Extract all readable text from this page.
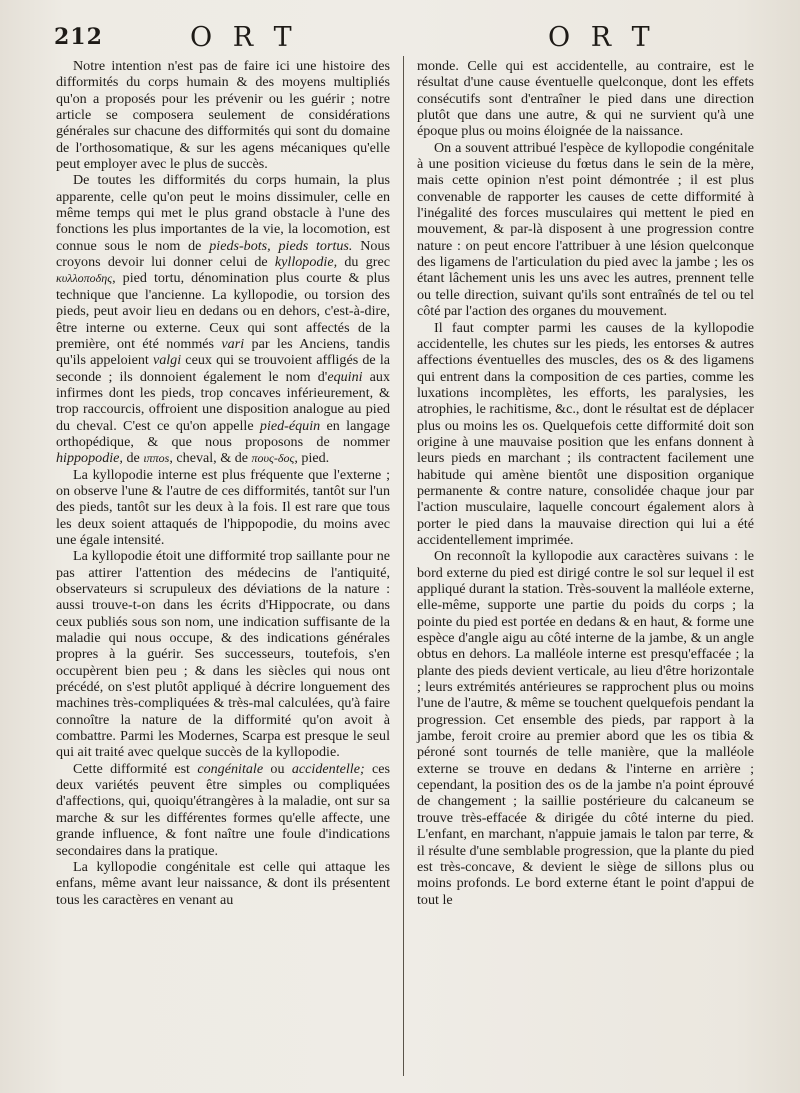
212	O R T	O R T

Notre intention n'est pas de faire ici une histoire des difformités du corps humain & des moyens multipliés qu'on a proposés pour les prévenir ou les guérir ; notre article se composera seulement de considérations générales sur chacune des difformités qui sont du domaine de l'orthosomatique, & sur les agens mécaniques qu'elle peut employer avec le plus de succès.

De toutes les difformités du corps humain, la plus apparente, celle qu'on peut le moins dissimuler, celle en même temps qui met le plus grand obstacle à l'une des fonctions les plus importantes de la vie, la locomotion, est connue sous le nom de pieds-bots, pieds tortus. Nous croyons devoir lui donner celui de kyllopodie, du grec κυλλοποδης, pied tortu, dénomination plus courte & plus technique que l'ancienne. La kyllopodie, ou torsion des pieds, peut avoir lieu en dedans ou en dehors, c'est-à-dire, être interne ou externe. Ceux qui sont affectés de la première, ont été nommés vari par les Anciens, tandis qu'ils appeloient valgi ceux qui se trouvoient affligés de la seconde ; ils donnoient également le nom d'equini aux infirmes dont les pieds, trop concaves inférieurement, & trop raccourcis, offroient une disposition analogue au pied du cheval. C'est ce qu'on appelle pied-équin en langage orthopédique, & que nous proposons de nommer hippopodie, de ιπποs, cheval, & de πους-δος, pied.

La kyllopodie interne est plus fréquente que l'externe ; on observe l'une & l'autre de ces difformités, tantôt sur l'un des pieds, tantôt sur les deux à la fois. Il est rare que tous les deux soient attaqués de l'hippopodie, du moins avec une égale intensité.

La kyllopodie étoit une difformité trop saillante pour ne pas attirer l'attention des médecins de l'antiquité, observateurs si scrupuleux des déviations de la nature : aussi trouve-t-on dans les écrits d'Hippocrate, ou dans ceux publiés sous son nom, une indication suffisante de la maladie qui nous occupe, & des indications générales propres à la guérir. Ses successeurs, toutefois, s'en occupèrent bien peu ; & dans les siècles qui nous ont précédé, on s'est plutôt appliqué à décrire longuement des machines très-compliquées & très-mal calculées, qu'à faire connoître la nature de la difformité qu'on avoit à combattre. Parmi les Modernes, Scarpa est presque le seul qui ait traité avec quelque succès de la kyllopodie.

Cette difformité est congénitale ou accidentelle; ces deux variétés peuvent être simples ou compliquées d'affections, qui, quoiqu'étrangères à la maladie, ont sur sa marche & sur les différentes formes qu'elle affecte, une grande influence, & font naître une foule d'indications secondaires dans la pratique.

La kyllopodie congénitale est celle qui attaque les enfans, même avant leur naissance, & dont ils présentent tous les caractères en venant au

monde. Celle qui est accidentelle, au contraire, est le résultat d'une cause éventuelle quelconque, dont les effets consécutifs sont d'entraîner le pied dans une direction plutôt que dans une autre, & qui ne survient qu'à une époque plus ou moins éloignée de la naissance.

On a souvent attribué l'espèce de kyllopodie congénitale à une position vicieuse du fœtus dans le sein de la mère, mais cette opinion n'est point démontrée ; il est plus convenable de rapporter les causes de cette difformité à l'inégalité des forces musculaires qui mettent le pied en mouvement, & par-là disposent à une progression contre nature : on peut encore l'attribuer à une lésion quelconque des ligamens de l'articulation du pied avec la jambe ; les os étant lâchement unis les uns avec les autres, prennent telle ou telle direction, suivant qu'ils sont entraînés de tel ou tel côté par l'action des organes du mouvement.

Il faut compter parmi les causes de la kyllopodie accidentelle, les chutes sur les pieds, les entorses & autres affections éventuelles des muscles, des os & des ligamens qui entrent dans la composition de ces parties, comme les luxations incomplètes, les efforts, les paralysies, les atrophies, le rachitisme, &c., dont le résultat est de déplacer plus ou moins les os. Quelquefois cette difformité doit son origine à une mauvaise position que les enfans donnent à leurs pieds en marchant ; ils contractent facilement une habitude qui amène bientôt une disposition organique permanente & contre nature, consolidée chaque jour par l'action musculaire, laquelle concourt également alors à porter le pied dans la mauvaise direction qui lui a été accidentellement imprimée.

On reconnoît la kyllopodie aux caractères suivans : le bord externe du pied est dirigé contre le sol sur lequel il est appliqué durant la station. Très-souvent la malléole externe, elle-même, supporte une partie du poids du corps ; la pointe du pied est portée en dedans & en haut, & forme une espèce d'angle aigu au côté interne de la jambe, & un angle obtus en dehors. La malléole interne est presqu'effacée ; la plante des pieds devient verticale, au lieu d'être horizontale ; leurs extrémités antérieures se rapprochent plus ou moins l'une de l'autre, & même se touchent quelquefois pendant la progression. Cet ensemble des pieds, par rapport à la jambe, feroit croire au premier abord que les os tibia & péroné sont tournés de telle manière, que la malléole externe se trouve en dedans & l'interne en arrière ; cependant, la position des os de la jambe n'a point éprouvé de changement ; la saillie postérieure du calcaneum se trouve très-effacée & dirigée du côté interne du pied. L'enfant, en marchant, n'appuie jamais le talon par terre, & il résulte d'une semblable progression, que la plante du pied est très-concave, & devient le siège de sillons plus ou moins profonds. Le bord externe étant le point d'appui de tout le
